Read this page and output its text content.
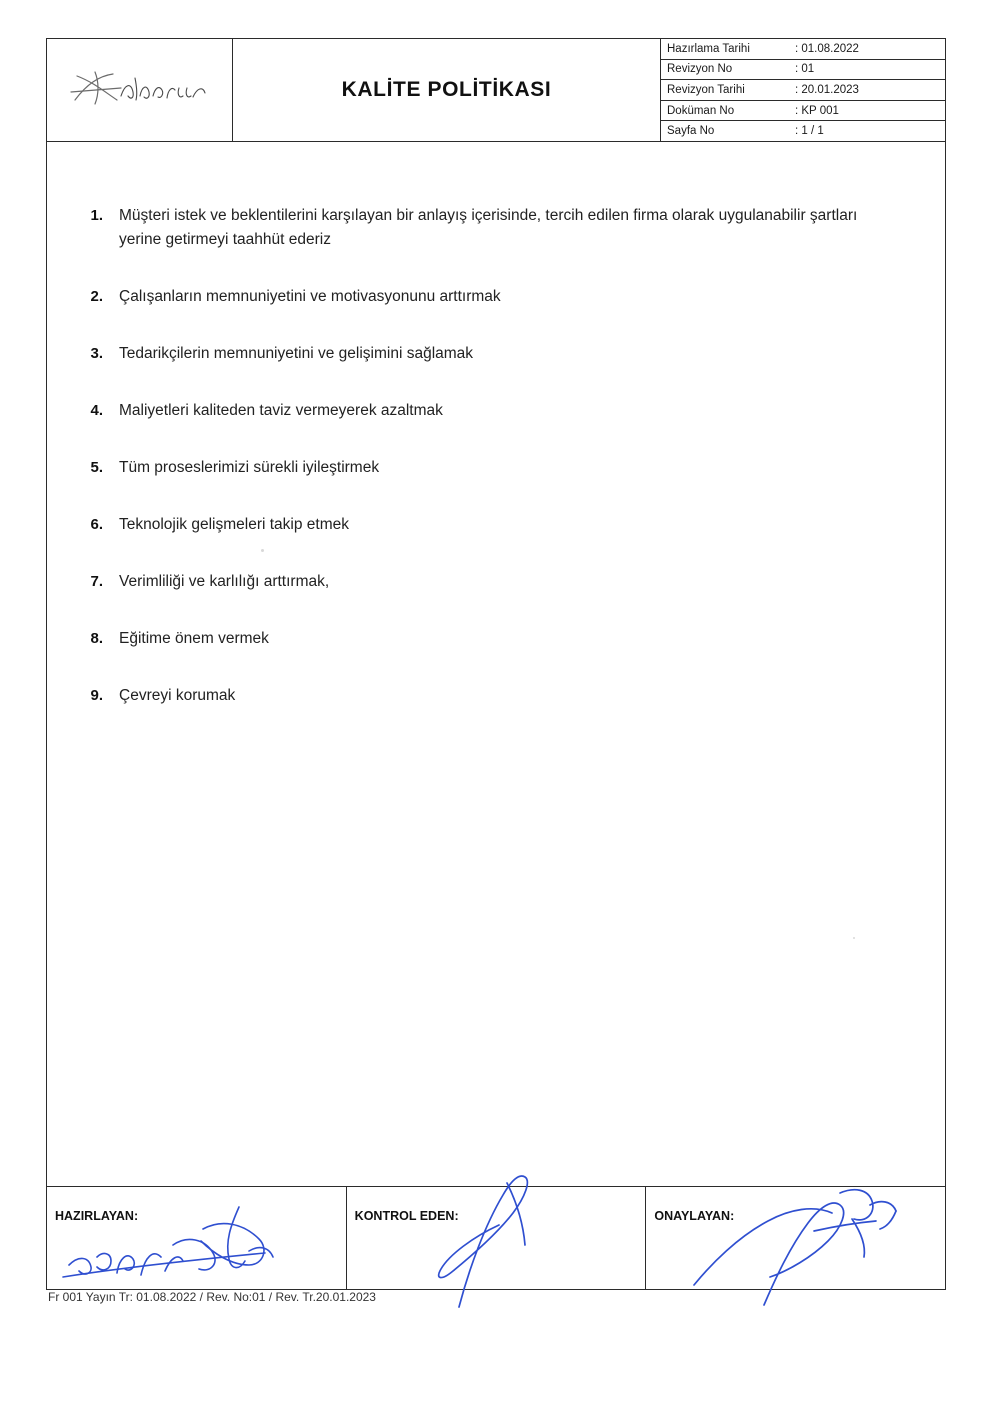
KALİTE POLİTİKASI
Hazırlama Tarihi	: 01.08.2022
Revizyon No	: 01
Revizyon Tarihi	: 20.01.2023
Doküman No	: KP 001
Sayfa No	: 1 / 1
1.	Müşteri istek ve beklentilerini karşılayan bir anlayış içerisinde, tercih edilen firma olarak uygulanabilir şartları yerine getirmeyi taahhüt ederiz
2.	Çalışanların memnuniyetini ve motivasyonunu arttırmak
3.	Tedarikçilerin memnuniyetini ve gelişimini sağlamak
4.	Maliyetleri kaliteden taviz vermeyerek azaltmak
5.	Tüm proseslerimizi sürekli iyileştirmek
6.	Teknolojik gelişmeleri takip etmek
7.	Verimliliği ve karlılığı arttırmak,
8.	Eğitime önem vermek
9.	Çevreyi korumak
HAZIRLAYAN:	KONTROL EDEN:	ONAYLAYAN:
Fr 001 Yayın Tr: 01.08.2022 / Rev. No:01 / Rev. Tr.20.01.2023
